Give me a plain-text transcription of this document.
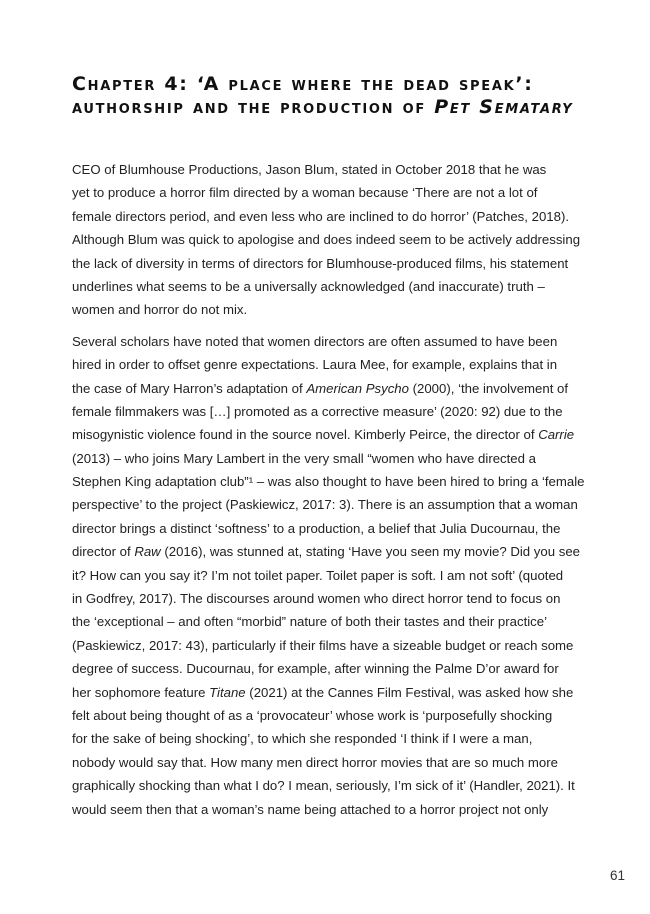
Chapter 4: ‘A place where the dead speak’: authorship and the production of Pet Sematary
CEO of Blumhouse Productions, Jason Blum, stated in October 2018 that he was
yet to produce a horror film directed by a woman because ‘There are not a lot of
female directors period, and even less who are inclined to do horror’ (Patches, 2018).
Although Blum was quick to apologise and does indeed seem to be actively addressing
the lack of diversity in terms of directors for Blumhouse-produced films, his statement
underlines what seems to be a universally acknowledged (and inaccurate) truth –
women and horror do not mix.
Several scholars have noted that women directors are often assumed to have been
hired in order to offset genre expectations. Laura Mee, for example, explains that in
the case of Mary Harron’s adaptation of American Psycho (2000), ‘the involvement of
female filmmakers was […] promoted as a corrective measure’ (2020: 92) due to the
misogynistic violence found in the source novel. Kimberly Peirce, the director of Carrie
(2013) – who joins Mary Lambert in the very small “women who have directed a
Stephen King adaptation club”¹ – was also thought to have been hired to bring a ‘female
perspective’ to the project (Paskiewicz, 2017: 3). There is an assumption that a woman
director brings a distinct ‘softness’ to a production, a belief that Julia Ducournau, the
director of Raw (2016), was stunned at, stating ‘Have you seen my movie? Did you see
it? How can you say it? I’m not toilet paper. Toilet paper is soft. I am not soft’ (quoted
in Godfrey, 2017). The discourses around women who direct horror tend to focus on
the ‘exceptional – and often “morbid” nature of both their tastes and their practice’
(Paskiewicz, 2017: 43), particularly if their films have a sizeable budget or reach some
degree of success. Ducournau, for example, after winning the Palme D’or award for
her sophomore feature Titane (2021) at the Cannes Film Festival, was asked how she
felt about being thought of as a ‘provocateur’ whose work is ‘purposefully shocking
for the sake of being shocking’, to which she responded ‘I think if I were a man,
nobody would say that. How many men direct horror movies that are so much more
graphically shocking than what I do? I mean, seriously, I’m sick of it’ (Handler, 2021). It
would seem then that a woman’s name being attached to a horror project not only
61
